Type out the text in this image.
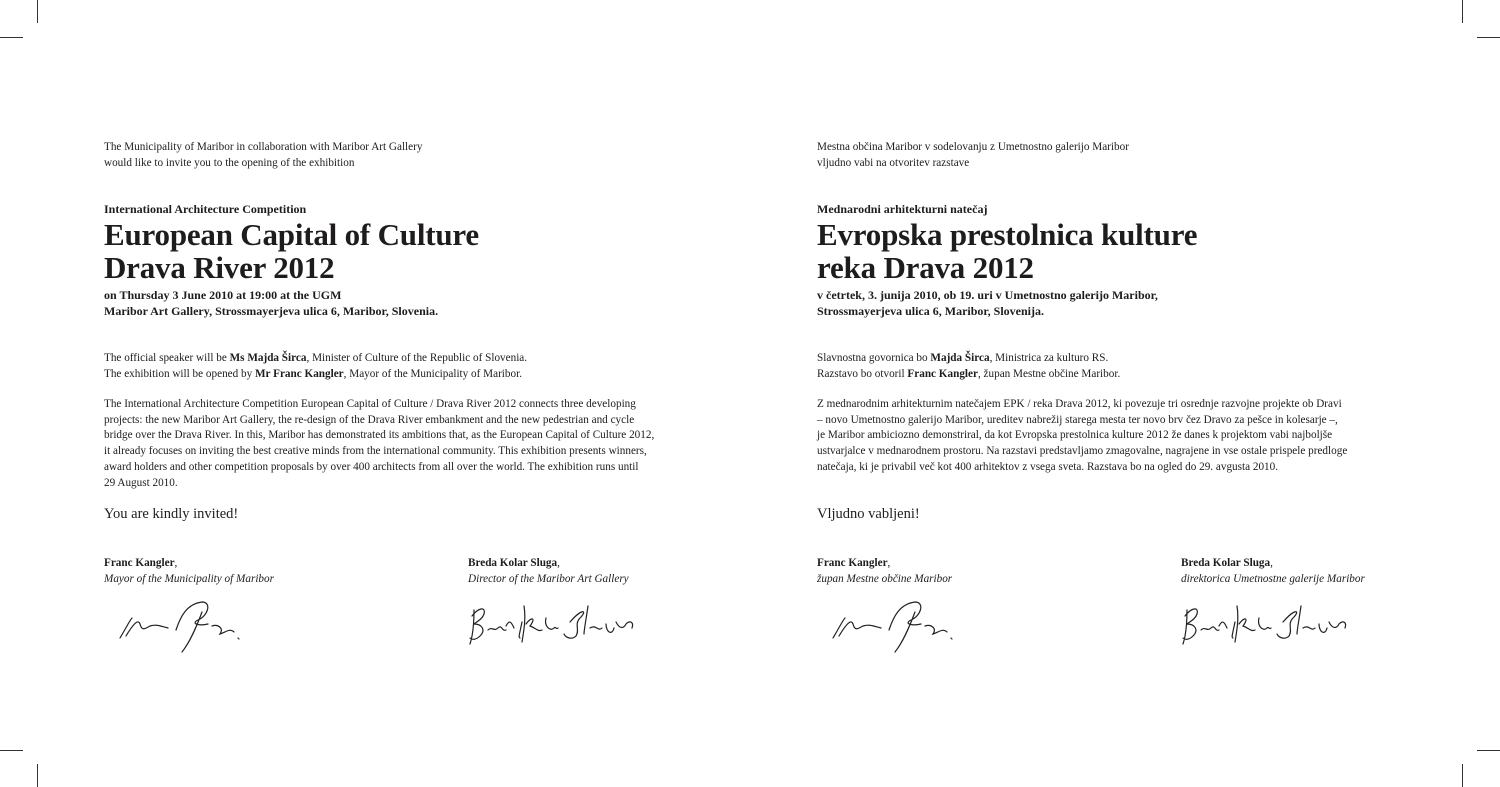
The Municipality of Maribor in collaboration with Maribor Art Gallery
would like to invite you to the opening of the exhibition
International Architecture Competition
European Capital of Culture
Drava River 2012
on Thursday 3 June 2010 at 19:00 at the UGM
Maribor Art Gallery, Strossmayerjeva ulica 6, Maribor, Slovenia.
The official speaker will be Ms Majda Širca, Minister of Culture of the Republic of Slovenia.
The exhibition will be opened by Mr Franc Kangler, Mayor of the Municipality of Maribor.
The International Architecture Competition European Capital of Culture / Drava River 2012 connects three developing
projects: the new Maribor Art Gallery, the re-design of the Drava River embankment and the new pedestrian and cycle
bridge over the Drava River. In this, Maribor has demonstrated its ambitions that, as the European Capital of Culture 2012,
it already focuses on inviting the best creative minds from the international community. This exhibition presents winners,
award holders and other competition proposals by over 400 architects from all over the world. The exhibition runs until
29 August 2010.
You are kindly invited!
Franc Kangler,
Mayor of the Municipality of Maribor
Breda Kolar Sluga,
Director of the Maribor Art Gallery
Mestna občina Maribor v sodelovanju z Umetnostno galerijo Maribor
vljudno vabi na otvoritev razstave
Mednarodni arhitekturni natečaj
Evropska prestolnica kulture
reka Drava 2012
v četrtek, 3. junija 2010, ob 19. uri v Umetnostno galerijo Maribor,
Strossmayerjeva ulica 6, Maribor, Slovenija.
Slavnostna govornica bo Majda Širca, Ministrica za kulturo RS.
Razstavo bo otvoril Franc Kangler, župan Mestne občine Maribor.
Z mednarodnim arhitekturnim natečajem EPK / reka Drava 2012, ki povezuje tri osrednje razvojne projekte ob Dravi
– novo Umetnostno galerijo Maribor, ureditev nabrežij starega mesta ter novo brv čez Dravo za pešce in kolesarje –,
je Maribor ambiciozno demonstriral, da kot Evropska prestolnica kulture 2012 že danes k projektom vabi najboljše
ustvarjalce v mednarodnem prostoru. Na razstavi predstavljamo zmagovalne, nagrajene in vse ostale prispele predloge
natečaja, ki je privabil več kot 400 arhitektov z vsega sveta. Razstava bo na ogled do 29. avgusta 2010.
Vljudno vabljeni!
Franc Kangler,
župan Mestne občine Maribor
Breda Kolar Sluga,
direktorica Umetnostne galerije Maribor
